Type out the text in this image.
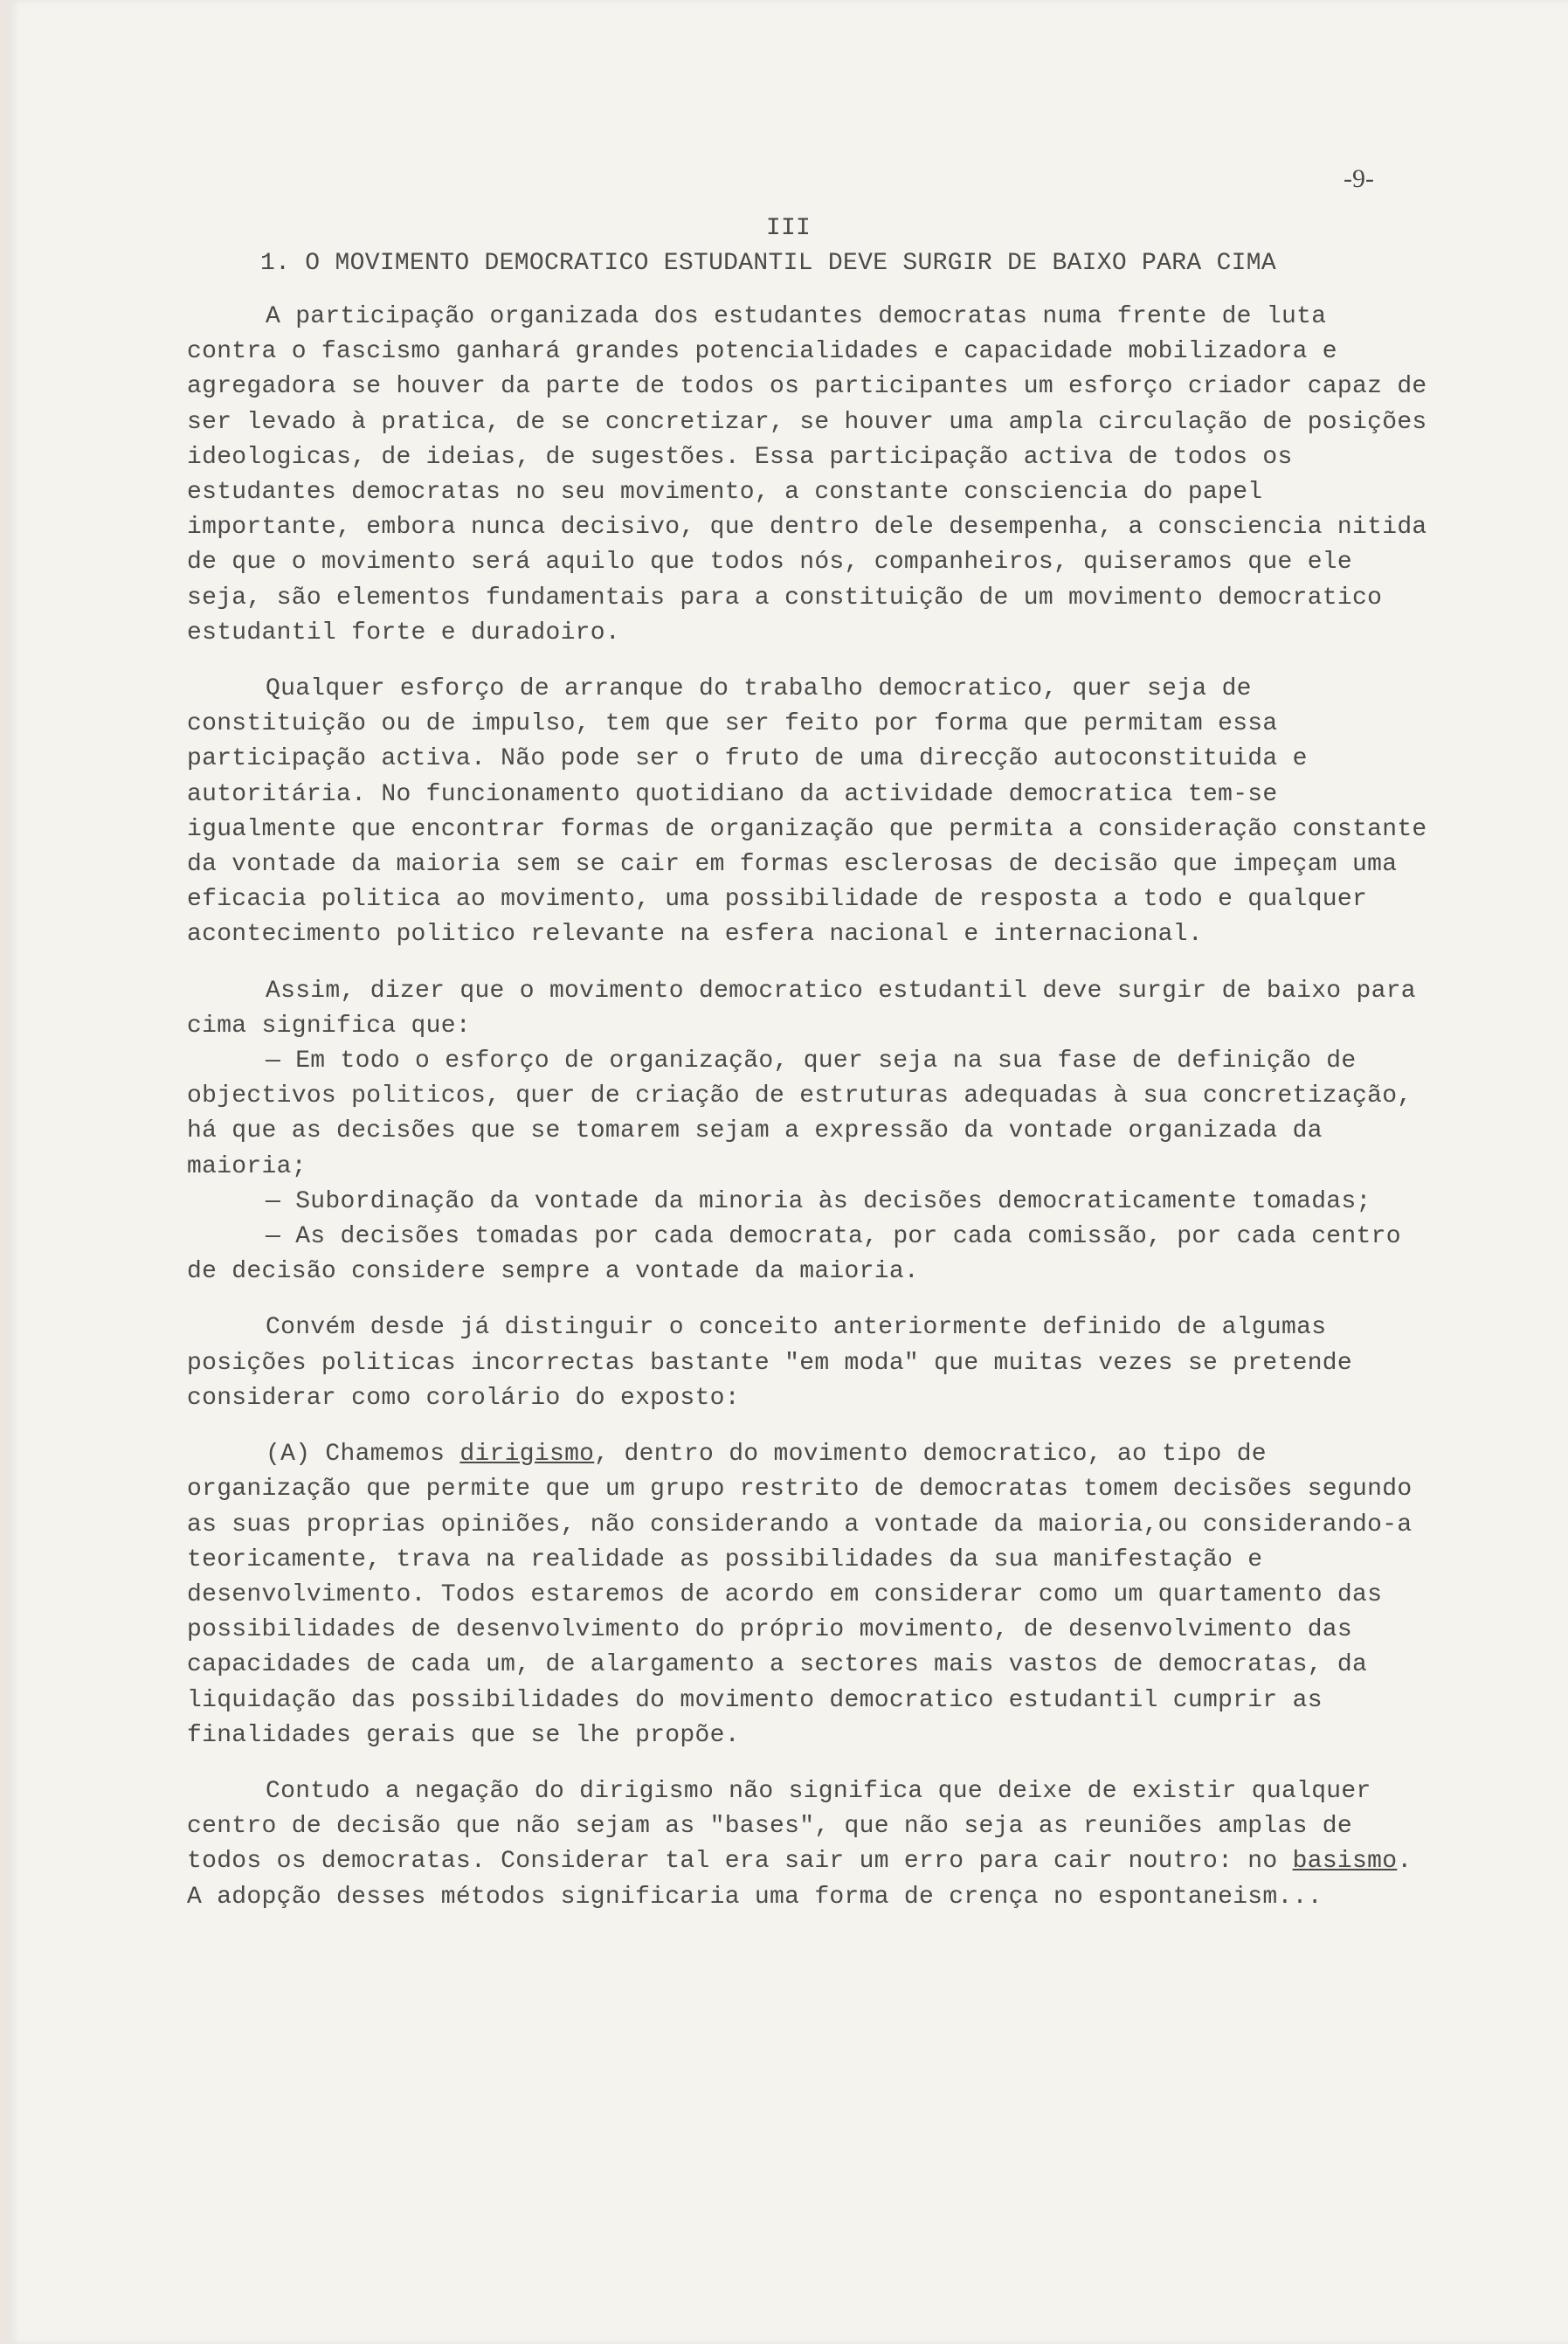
-9-
III
1. O MOVIMENTO DEMOCRATICO ESTUDANTIL DEVE SURGIR DE BAIXO PARA CIMA

A participação organizada dos estudantes democratas numa frente de luta contra o fascismo ganhará grandes potencialidades e capacidade mobilizadora e agregadora se houver da parte de todos os participantes um esforço criador capaz de ser levado à pratica, de se concretizar, se houver uma ampla circulação de posições ideologicas, de ideias, de sugestões. Essa participação activa de todos os estudantes democratas no seu movimento, a constante consciencia do papel importante, embora nunca decisivo, que dentro dele desempenha, a consciencia nitida de que o movimento será aquilo que todos nós, companheiros, quiseramos que ele seja, são elementos fundamentais para a constituição de um movimento democratico estudantil forte e duradoiro.

Qualquer esforço de arranque do trabalho democratico, quer seja de constituição ou de impulso, tem que ser feito por forma que permitam essa participação activa. Não pode ser o fruto de uma direcção autoconstituida e autoritária. No funcionamento quotidiano da actividade democratica tem-se igualmente que encontrar formas de organização que permita a consideração constante da vontade da maioria sem se cair em formas esclerosas de decisão que impeçam uma eficacia politica ao movimento, uma possibilidade de resposta a todo e qualquer acontecimento politico relevante na esfera nacional e internacional.

Assim, dizer que o movimento democratico estudantil deve surgir de baixo para cima significa que:

— Em todo o esforço de organização, quer seja na sua fase de definição de objectivos politicos, quer de criação de estruturas adequadas à sua concretização, há que as decisões que se tomarem sejam a expressão da vontade organizada da maioria;

— Subordinação da vontade da minoria às decisões democraticamente tomadas;

— As decisões tomadas por cada democrata, por cada comissão, por cada centro de decisão considere sempre a vontade da maioria.

Convém desde já distinguir o conceito anteriormente definido de algumas posições politicas incorrectas bastante "em moda" que muitas vezes se pretende considerar como corolário do exposto:

(A) Chamemos dirigismo, dentro do movimento democratico, ao tipo de organização que permite que um grupo restrito de democratas tomem decisões segundo as suas proprias opiniões, não considerando a vontade da maioria,ou considerando-a teoricamente, trava na realidade as possibilidades da sua manifestação e desenvolvimento. Todos estaremos de acordo em considerar como um quartamento das possibilidades de desenvolvimento do próprio movimento, de desenvolvimento das capacidades de cada um, de alargamento a sectores mais vastos de democratas, da liquidação das possibilidades do movimento democratico estudantil cumprir as finalidades gerais que se lhe propõe.

Contudo a negação do dirigismo não significa que deixe de existir qualquer centro de decisão que não sejam as "bases", que não seja as reuniões amplas de todos os democratas. Considerar tal era sair um erro para cair noutro: no basismo. A adopção desses métodos significaria uma forma de crença no espontaneism...
